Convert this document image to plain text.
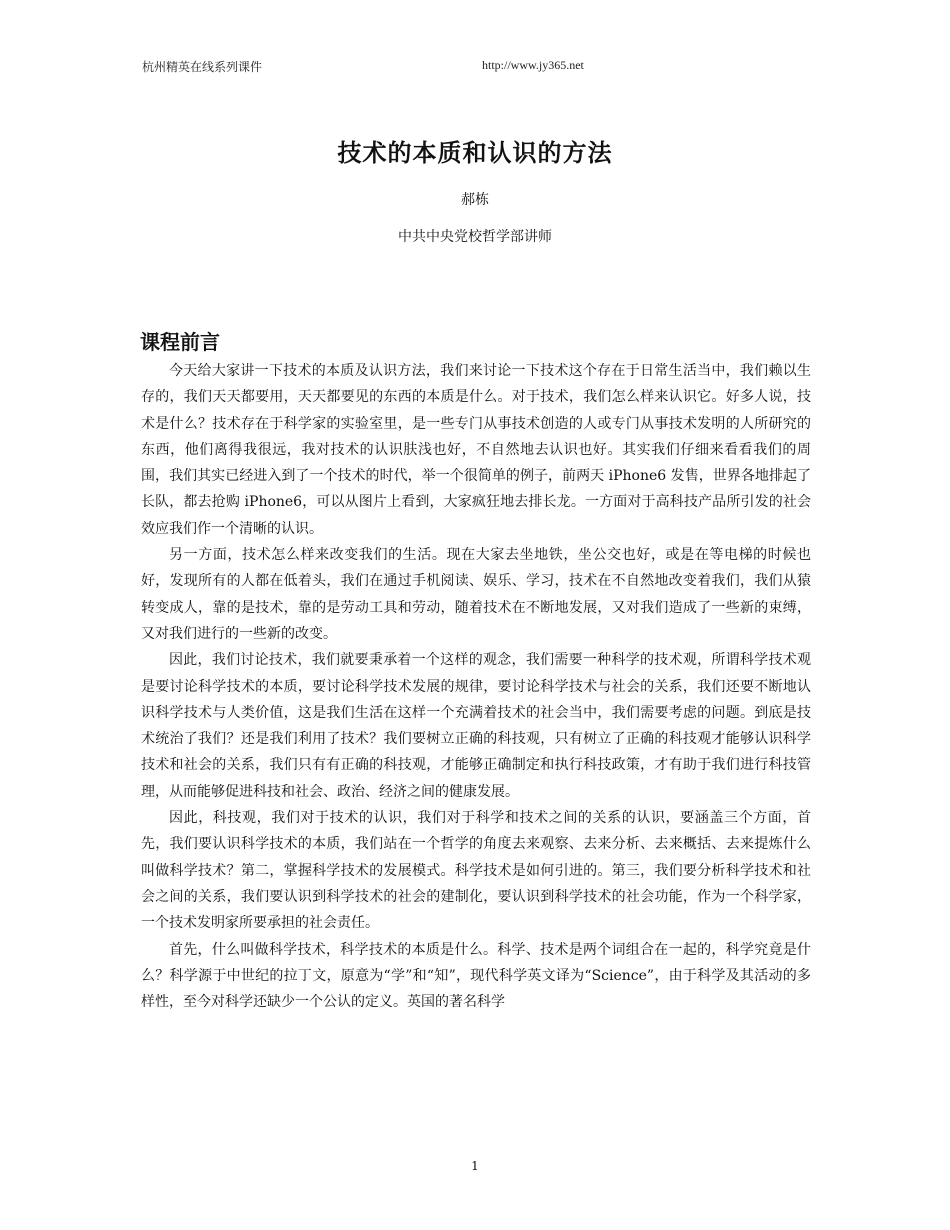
杭州精英在线系列课件	http://www.jy365.net
技术的本质和认识的方法
郝栋
中共中央党校哲学部讲师
课程前言

今天给大家讲一下技术的本质及认识方法，我们来讨论一下技术这个存在于日常生活当中，我们赖以生存的，我们天天都要用，天天都要见的东西的本质是什么。对于技术，我们怎么样来认识它。好多人说，技术是什么？技术存在于科学家的实验室里，是一些专门从事技术创造的人或专门从事技术发明的人所研究的东西，他们离得我很远，我对技术的认识肤浅也好，不自然地去认识也好。其实我们仔细来看看我们的周围，我们其实已经进入到了一个技术的时代，举一个很简单的例子，前两天 iPhone6 发售，世界各地排起了长队，都去抢购 iPhone6，可以从图片上看到，大家疯狂地去排长龙。一方面对于高科技产品所引发的社会效应我们作一个清晰的认识。

另一方面，技术怎么样来改变我们的生活。现在大家去坐地铁，坐公交也好，或是在等电梯的时候也好，发现所有的人都在低着头，我们在通过手机阅读、娱乐、学习，技术在不自然地改变着我们，我们从猿转变成人，靠的是技术，靠的是劳动工具和劳动，随着技术在不断地发展，又对我们造成了一些新的束缚，又对我们进行的一些新的改变。

因此，我们讨论技术，我们就要秉承着一个这样的观念，我们需要一种科学的技术观，所谓科学技术观是要讨论科学技术的本质，要讨论科学技术发展的规律，要讨论科学技术与社会的关系，我们还要不断地认识科学技术与人类价值，这是我们生活在这样一个充满着技术的社会当中，我们需要考虑的问题。到底是技术统治了我们？还是我们利用了技术？我们要树立正确的科技观，只有树立了正确的科技观才能够认识科学技术和社会的关系，我们只有有正确的科技观，才能够正确制定和执行科技政策，才有助于我们进行科技管理，从而能够促进科技和社会、政治、经济之间的健康发展。

因此，科技观，我们对于技术的认识，我们对于科学和技术之间的关系的认识，要涵盖三个方面，首先，我们要认识科学技术的本质，我们站在一个哲学的角度去来观察、去来分析、去来概括、去来提炼什么叫做科学技术？第二，掌握科学技术的发展模式。科学技术是如何引进的。第三，我们要分析科学技术和社会之间的关系，我们要认识到科学技术的社会的建制化，要认识到科学技术的社会功能，作为一个科学家，一个技术发明家所要承担的社会责任。

首先，什么叫做科学技术，科学技术的本质是什么。科学、技术是两个词组合在一起的，科学究竟是什么？科学源于中世纪的拉丁文，原意为“学”和“知”，现代科学英文译为“Science”，由于科学及其活动的多样性，至今对科学还缺少一个公认的定义。英国的著名科学

1
